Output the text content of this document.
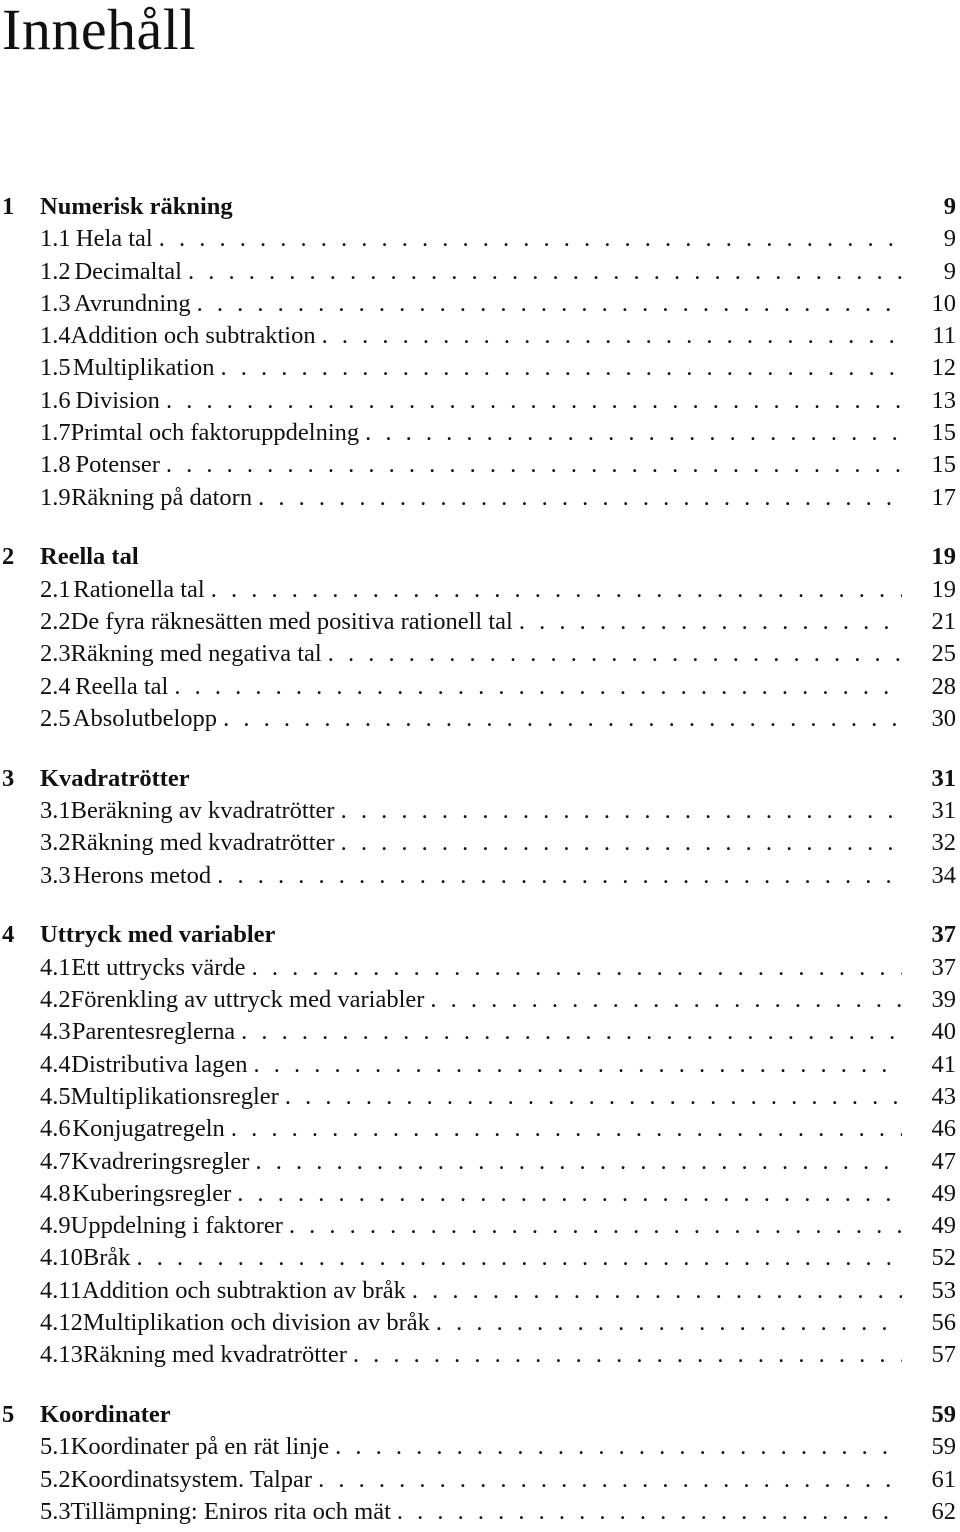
Innehåll
1	Numerisk räkning	9
1.1 Hela tal . . .	9
1.2 Decimaltal . . .	9
1.3 Avrundning . . .	10
1.4 Addition och subtraktion . . .	11
1.5 Multiplikation . . .	12
1.6 Division . . .	13
1.7 Primtal och faktoruppdelning . . .	15
1.8 Potenser . . .	15
1.9 Räkning på datorn . . .	17
2	Reella tal	19
2.1 Rationella tal . . .	19
2.2 De fyra räknesätten med positiva rationell tal . . .	21
2.3 Räkning med negativa tal . . .	25
2.4 Reella tal . . .	28
2.5 Absolutbelopp . . .	30
3	Kvadratrötter	31
3.1 Beräkning av kvadratrötter . . .	31
3.2 Räkning med kvadratrötter . . .	32
3.3 Herons metod . . .	34
4	Uttryck med variabler	37
4.1 Ett uttrycks värde . . .	37
4.2 Förenkling av uttryck med variabler . . .	39
4.3 Parentesreglerna . . .	40
4.4 Distributiva lagen . . .	41
4.5 Multiplikationsregler . . .	43
4.6 Konjugatregeln . . .	46
4.7 Kvadreringsregler . . .	47
4.8 Kuberingsregler . . .	49
4.9 Uppdelning i faktorer . . .	49
4.10 Bråk . . .	52
4.11 Addition och subtraktion av bråk . . .	53
4.12 Multiplikation och division av bråk . . .	56
4.13 Räkning med kvadratrötter . . .	57
5	Koordinater	59
5.1 Koordinater på en rät linje . . .	59
5.2 Koordinatsystem. Talpar . . .	61
5.3 Tillämpning: Eniros rita och mät . . .	62
